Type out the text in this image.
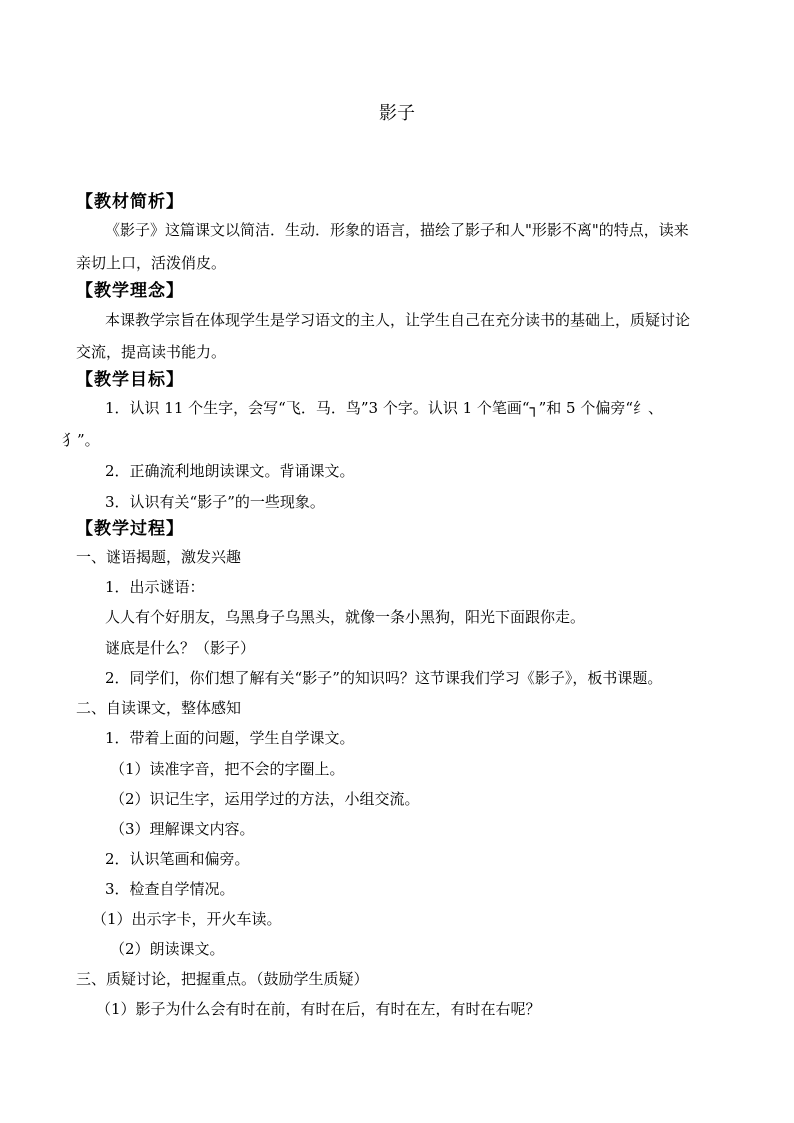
影子
【教材简析】
《影子》这篇课文以简洁．生动．形象的语言，描绘了影子和人"形影不离"的特点，读来
亲切上口，活泼俏皮。
【教学理念】
本课教学宗旨在体现学生是学习语文的主人，让学生自己在充分读书的基础上，质疑讨论
交流，提高读书能力。
【教学目标】
1．认识 11 个生字，会写“飞．马．鸟”3 个字。认识 1 个笔画“┐”和 5 个偏旁“纟、
犭”。
2．正确流利地朗读课文。背诵课文。
3．认识有关“影子”的一些现象。
【教学过程】
一、谜语揭题，激发兴趣
1．出示谜语：
人人有个好朋友，乌黑身子乌黑头，就像一条小黑狗，阳光下面跟你走。
谜底是什么？（影子）
2．同学们，你们想了解有关“影子”的知识吗？这节课我们学习《影子》，板书课题。
二、自读课文，整体感知
1．带着上面的问题，学生自学课文。
（1）读准字音，把不会的字圈上。
（2）识记生字，运用学过的方法，小组交流。
（3）理解课文内容。
2．认识笔画和偏旁。
3．检查自学情况。
（1）出示字卡，开火车读。
（2）朗读课文。
三、质疑讨论，把握重点。（鼓励学生质疑）
（1）影子为什么会有时在前，有时在后，有时在左，有时在右呢？
